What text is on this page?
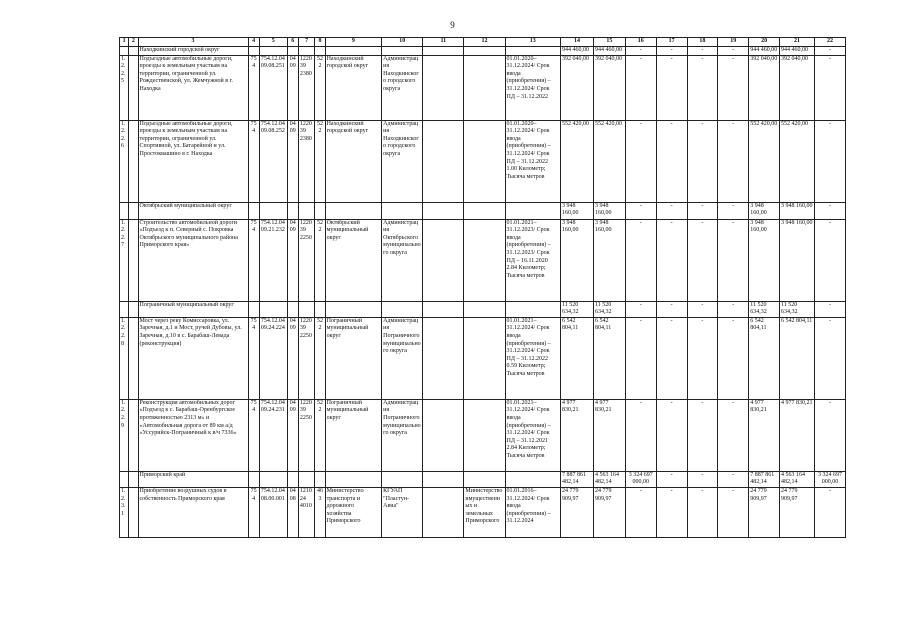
9
1	2	3	4	5	6	7	8	9	10	11	12	13	14	15	16	17	18	19	20	21	22
		Находкинский городской округ											944 460,00	944 460,00	-	-	-	-	944 460,00	944 460,00	-
1.2.2.5		Подъездные автомобильные дороги, проезды к земельным участкам на территории, ограниченной ул. Рождественской, ул. Жемчужной в г. Находка	754	754.12.04 09.08.251	0409	122039 2380	522	Находкинский городской округ	Администрация Находкинского городского округа			01.01.2020–31.12.2024/ Срок ввода (приобретения) – 31.12.2024/ Срок ПД – 31.12.2022	392 040,00	392 040,00	-	-	-	-	392 040,00	392 040,00	-
1.2.2.6		Подъездные автомобильные дороги, проезды к земельным участкам на территории, ограниченной ул. Спортивной, ул. Батарейной и ул. Простоквашино в г. Находка	754	754.12.04 09.08.252	0409	122039 2380	522	Находкинский городской округ	Администрация Находкинского городского округа			01.01.2020–31.12.2024/ Срок ввода (приобретения) – 31.12.2024/ Срок ПД – 31.12.2022 1.00 Километр; Тысяча метров	552 420,00	552 420,00	-	-	-	-	552 420,00	552 420,00	-
		Октябрьский муниципальный округ											3 948 160,00	3 948 160,00	-	-	-	-	3 948 160,00	3 948 160,00	-
1.2.2.7		Строительство автомобильной дороги «Подъезд к п. Северный с. Покровка Октябрьского муниципального района Приморского края»	754	754.12.04 09.21.232	0409	122039 2250	522	Октябрьский муниципальный округ	Администрация Октябрьского муниципального округа			01.01.2021–31.12.2023/ Срок ввода (приобретения) – 31.12.2023/ Срок ПД – 16.11.2020 2.84 Километр; Тысяча метров	3 948 160,00	3 948 160,00	-	-	-	-	3 948 160,00	3 948 160,00	-
		Пограничный муниципальный округ											11 520 634,32	11 520 634,32	-	-	-	-	11 520 634,32	11 520 634,32	-
1.2.2.8		Мост через реку Комиссаровка, ул. Заречная, д.1 и Мост, ручей Дубовы, ул. Заречная, д.10 в с. Барабаш-Левада (реконструкция)	754	754.12.04 09.24.224	0409	122039 2250	522	Пограничный муниципальный округ	Администрация Пограничного муниципального округа			01.01.2021–31.12.2024/ Срок ввода (приобретения) – 31.12.2024/ Срок ПД – 31.12.2022 0.59 Километр; Тысяча метров	6 542 804,11	6 542 804,11	-	-	-	-	6 542 804,11	6 542 804,11	-
1.2.2.9		Реконструкция автомобильных дорог «Подъезд к с. Барабаш-Оренбургское протяженностью 2313 м» и «Автомобильная дорога от 89 км а/д «Уссурийск-Пограничный к в/ч 7336»	754	754.12.04 09.24.231	0409	122039 2250	522	Пограничный муниципальный округ	Администрация Пограничного муниципального округа			01.01.2021–31.12.2024/ Срок ввода (приобретения) – 31.12.2024/ Срок ПД – 31.12.2021 2.84 Километр; Тысяча метров	4 977 830,21	4 977 830,21	-	-	-	-	4 977 830,21	4 977 830,21	-
		Приморский край											7 887 861 482,14	4 563 164 482,14	3 324 697 000,00	-	-	-	7 887 861 482,14	4 563 164 482,14	3 324 697 000,00
1.2.3.1		Приобретение воздушных судов в собственность Приморского края	754	754.12.04 08.00.001	0408	121024 4010	463	Министерство транспорта и дорожного хозяйства Приморского	КГУАП "Пластун-Авиа"		Министерство имущественных и земельных Приморского	01.01.2016–31.12.2024/ Срок ввода (приобретения) – 31.12.2024	24 779 909,97	24 779 909,97	-	-	-	-	24 779 909,97	24 779 909,97	-
